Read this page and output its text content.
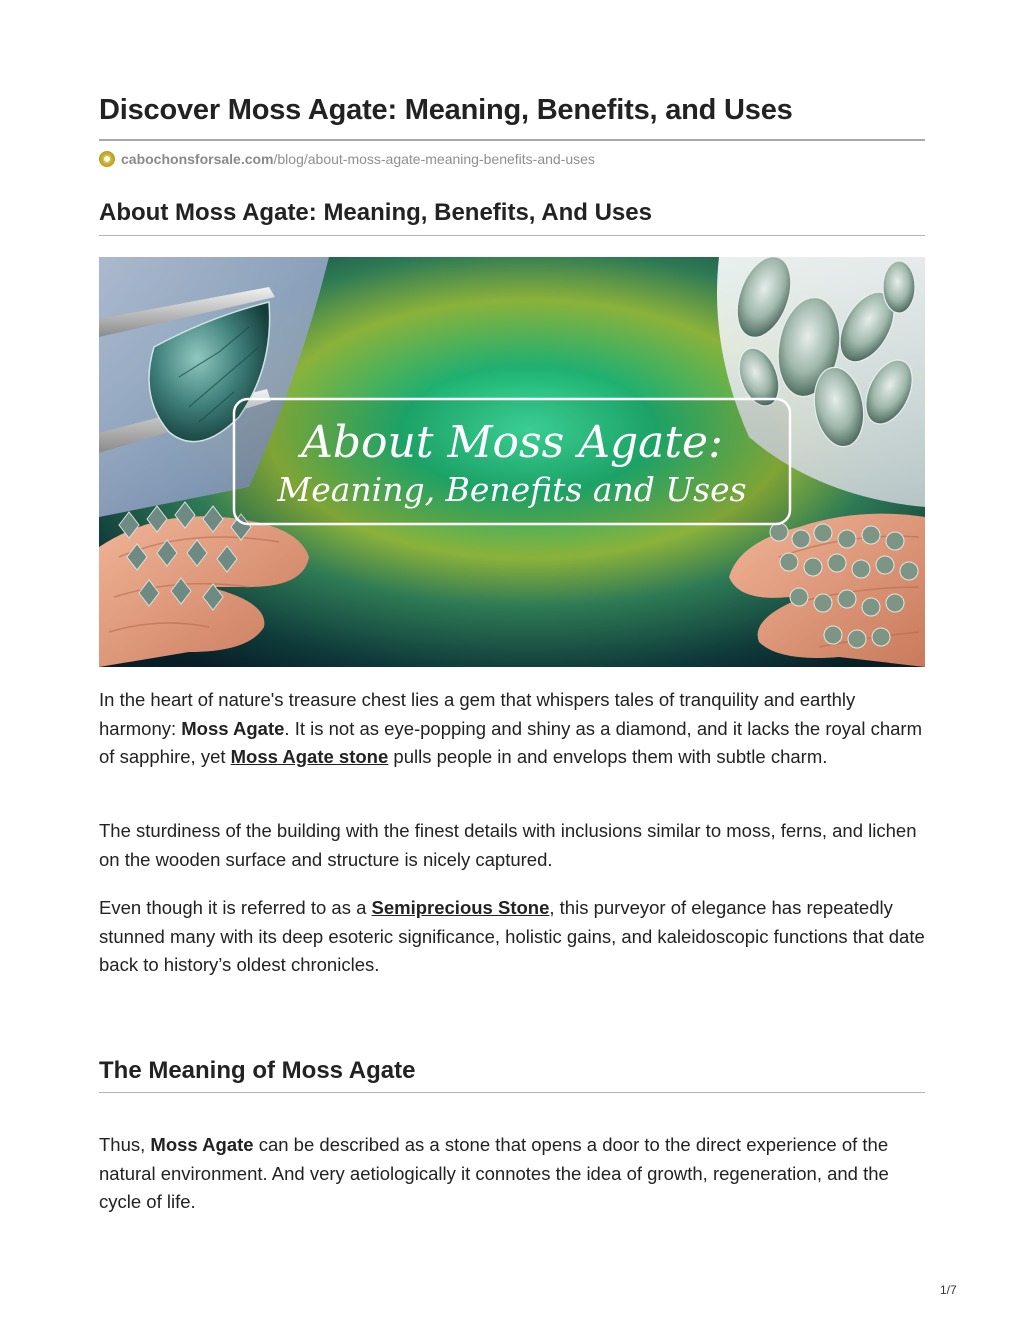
Discover Moss Agate: Meaning, Benefits, and Uses
cabochonsforsale.com /blog/about-moss-agate-meaning-benefits-and-uses
About Moss Agate: Meaning, Benefits, And Uses
About Moss Agate:
Meaning, Benefits and Uses

In the heart of nature's treasure chest lies a gem that whispers tales of tranquility and earthly harmony: Moss Agate. It is not as eye-popping and shiny as a diamond, and it lacks the royal charm of sapphire, yet Moss Agate stone pulls people in and envelops them with subtle charm.

The sturdiness of the building with the finest details with inclusions similar to moss, ferns, and lichen on the wooden surface and structure is nicely captured.

Even though it is referred to as a Semiprecious Stone, this purveyor of elegance has repeatedly stunned many with its deep esoteric significance, holistic gains, and kaleidoscopic functions that date back to history’s oldest chronicles.

The Meaning of Moss Agate

Thus, Moss Agate can be described as a stone that opens a door to the direct experience of the natural environment. And very aetiologically it connotes the idea of growth, regeneration, and the cycle of life.

1/7
